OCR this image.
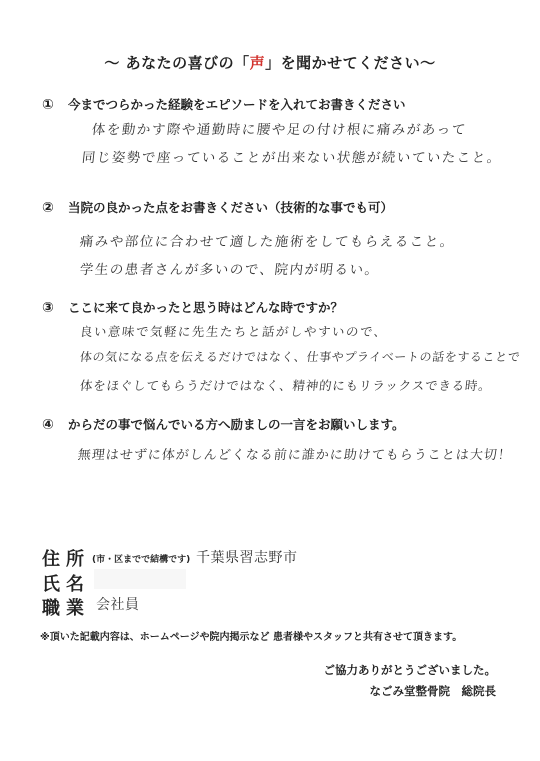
～ あなたの喜びの「声」を聞かせてください～
① 今までつらかった経験をエピソードを入れてお書きください
体を動かす際や通勤時に腰や足の付け根に痛みがあって
同じ姿勢で座っていることが出来ない状態が続いていたこと。
② 当院の良かった点をお書きください（技術的な事でも可）
痛みや部位に合わせて適した施術をしてもらえること。
学生の患者さんが多いので、院内が明るい。
③ ここに来て良かったと思う時はどんな時ですか？
良い意味で気軽に先生たちと話がしやすいので、
体の気になる点を伝えるだけではなく、仕事やプライベートの話をすることで
体をほぐしてもらうだけではなく、精神的にもリラックスできる時。
④ からだの事で悩んでいる方へ励ましの一言をお願いします。
無理はせずに体がしんどくなる前に誰かに助けてもらうことは大切！
住所 (市・区までで結構です) 千葉県習志野市
氏名
職業 会社員
※頂いた記載内容は、ホームページや院内掲示など 患者様やスタッフと共有させて頂きます。
ご協力ありがとうございました。
なごみ堂整骨院　総院長
